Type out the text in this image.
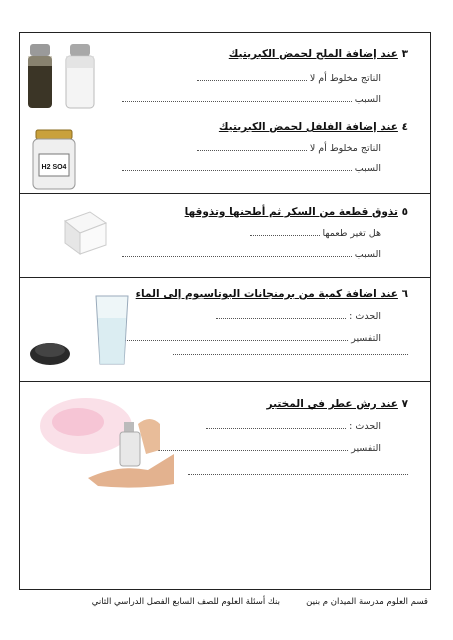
٣ عند إضافة الملح لحمض الكبريتيك
الناتج مخلوط أم لا
السبب
٤ عند إضافة الفلفل لحمض الكبريتيك
الناتج مخلوط أم لا
السبب
٥ تذوق قطعة من السكر ثم أطحنها وتذوقها
هل تغير طعمها
السبب
٦ عند اضافة كمية من برمنجانات البوتاسيوم إلى الماء
الحدث :
التفسير
٧ عند رش عطر في المختبر
الحدث :
التفسير
H2 SO4
قسم العلوم مدرسة الميدان م بنين
بنك أسئلة العلوم للصف السابع الفصل الدراسي الثاني
